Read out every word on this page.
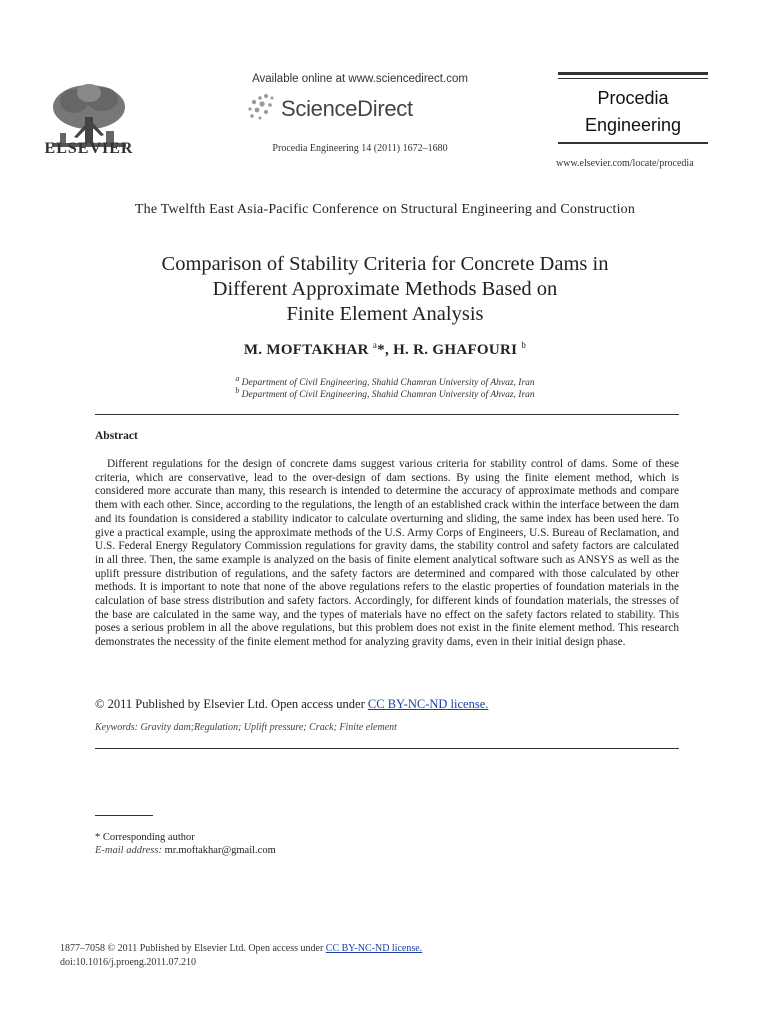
ELSEVIER
Available online at www.sciencedirect.com
ScienceDirect
Procedia Engineering 14 (2011) 1672–1680
Procedia
Engineering
www.elsevier.com/locate/procedia
The Twelfth East Asia-Pacific Conference on Structural Engineering and Construction
Comparison of Stability Criteria for Concrete Dams in
Different Approximate Methods Based on
Finite Element Analysis
M. MOFTAKHAR $^a$*, H. R. GHAFOURI $^b$
$^a$ Department of Civil Engineering, Shahid Chamran University of Ahvaz, Iran
$^b$ Department of Civil Engineering, Shahid Chamran University of Ahvaz, Iran
Abstract

Different regulations for the design of concrete dams suggest various criteria for stability control of dams. Some of these criteria, which are conservative, lead to the over-design of dam sections. By using the finite element method, which is considered more accurate than many, this research is intended to determine the accuracy of approximate methods and compare them with each other. Since, according to the regulations, the length of an established crack within the interface between the dam and its foundation is considered a stability indicator to calculate overturning and sliding, the same index has been used here. To give a practical example, using the approximate methods of the U.S. Army Corps of Engineers, U.S. Bureau of Reclamation, and U.S. Federal Energy Regulatory Commission regulations for gravity dams, the stability control and safety factors are calculated in all three. Then, the same example is analyzed on the basis of finite element analytical software such as ANSYS as well as the uplift pressure distribution of regulations, and the safety factors are determined and compared with those calculated by other methods. It is important to note that none of the above regulations refers to the elastic properties of foundation materials in the calculation of base stress distribution and safety factors. Accordingly, for different kinds of foundation materials, the stresses of the base are calculated in the same way, and the types of materials have no effect on the safety factors related to stability. This poses a serious problem in all the above regulations, but this problem does not exist in the finite element method. This research demonstrates the necessity of the finite element method for analyzing gravity dams, even in their initial design phase.

© 2011 Published by Elsevier Ltd. Open access under CC BY-NC-ND license.
Keywords: Gravity dam;Regulation; Uplift pressure; Crack; Finite element
* Corresponding author
E-mail address: mr.moftakhar@gmail.com
1877–7058 © 2011 Published by Elsevier Ltd. Open access under CC BY-NC-ND license.
doi:10.1016/j.proeng.2011.07.210
